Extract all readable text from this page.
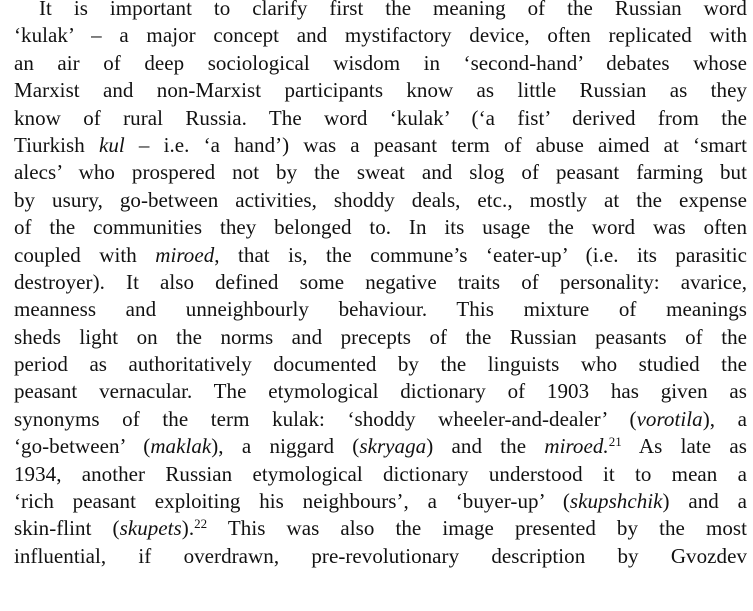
It is important to clarify first the meaning of the Russian word
‘kulak’ – a major concept and mystifactory device, often replicated with
an air of deep sociological wisdom in ‘second-hand’ debates whose
Marxist and non-Marxist participants know as little Russian as they
know of rural Russia. The word ‘kulak’ (‘a fist’ derived from the
Tiurkish kul – i.e. ‘a hand’) was a peasant term of abuse aimed at ‘smart
alecs’ who prospered not by the sweat and slog of peasant farming but
by usury, go-between activities, shoddy deals, etc., mostly at the expense
of the communities they belonged to. In its usage the word was often
coupled with miroed, that is, the commune’s ‘eater-up’ (i.e. its parasitic
destroyer). It also defined some negative traits of personality: avarice,
meanness and unneighbourly behaviour. This mixture of meanings
sheds light on the norms and precepts of the Russian peasants of the
period as authoritatively documented by the linguists who studied the
peasant vernacular. The etymological dictionary of 1903 has given as
synonyms of the term kulak: ‘shoddy wheeler-and-dealer’ (vorotila), a
‘go-between’ (maklak), a niggard (skryaga) and the miroed.$^{21}$ As late as
1934, another Russian etymological dictionary understood it to mean a
‘rich peasant exploiting his neighbours’, a ‘buyer-up’ (skupshchik) and a
skin-flint (skupets).$^{22}$ This was also the image presented by the most
influential, if overdrawn, pre-revolutionary description by Gvozdev
